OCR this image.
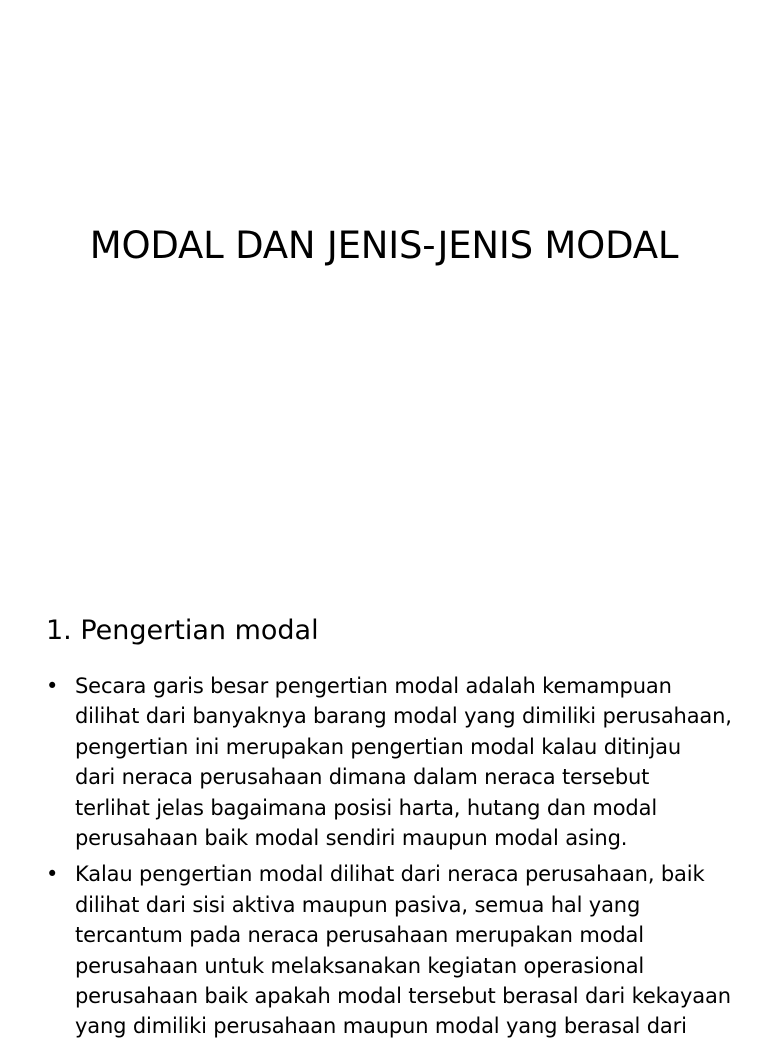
MODAL DAN JENIS-JENIS MODAL
1. Pengertian modal
• Secara garis besar pengertian modal adalah kemampuan
dilihat dari banyaknya barang modal yang dimiliki perusahaan,
pengertian ini merupakan pengertian modal kalau ditinjau
dari neraca perusahaan dimana dalam neraca tersebut
terlihat jelas bagaimana posisi harta, hutang dan modal
perusahaan baik modal sendiri maupun modal asing.
• Kalau pengertian modal dilihat dari neraca perusahaan, baik
dilihat dari sisi aktiva maupun pasiva, semua hal yang
tercantum pada neraca perusahaan merupakan modal
perusahaan untuk melaksanakan kegiatan operasional
perusahaan baik apakah modal tersebut berasal dari kekayaan
yang dimiliki perusahaan maupun modal yang berasal dari
